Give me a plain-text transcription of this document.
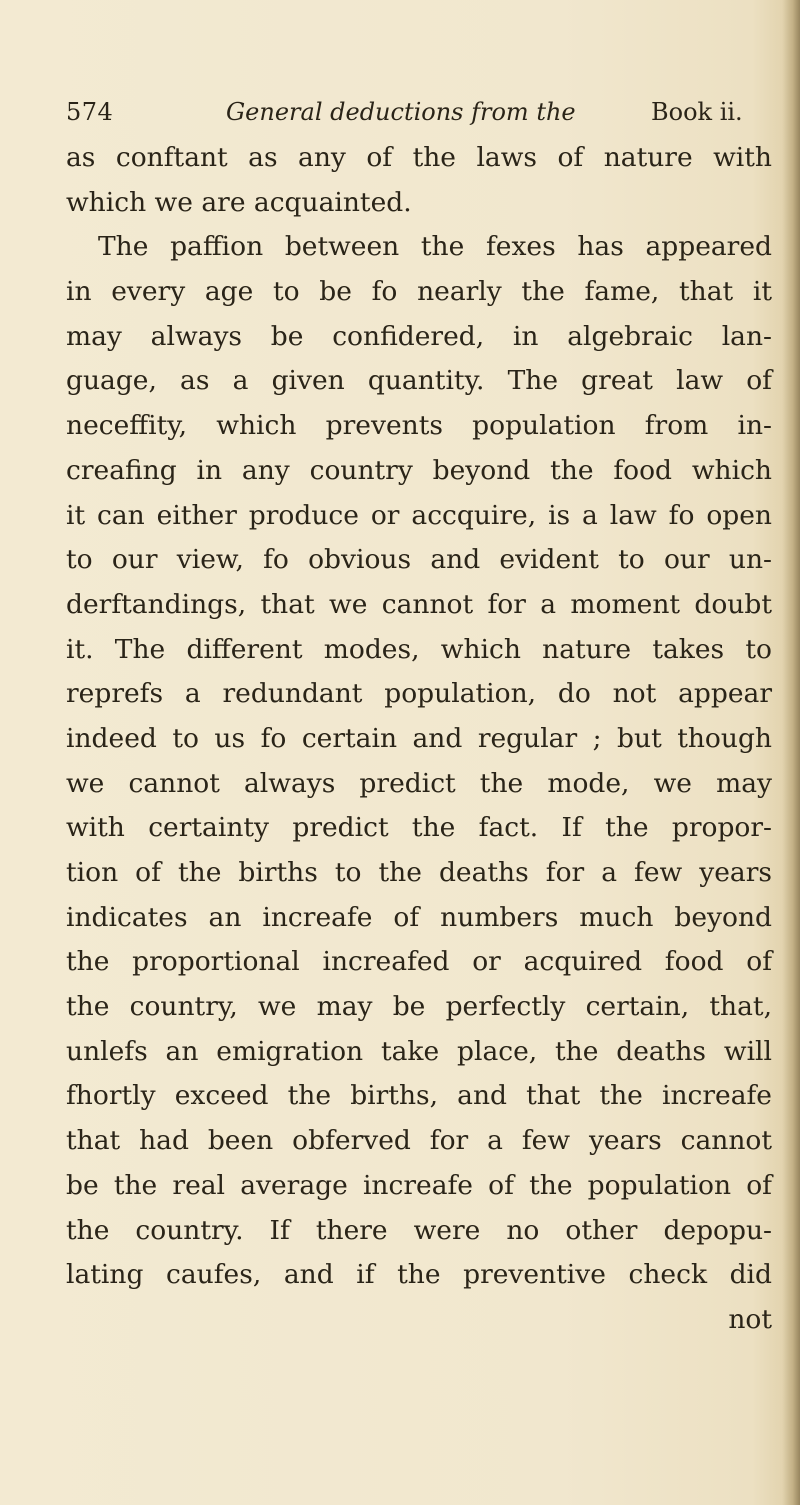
574	General deductions from the	Book ii.
as conftant as any of the laws of nature with
which we are acquainted.
The paffion between the fexes has appeared
in every age to be fo nearly the fame, that it
may always be confidered, in algebraic lan-
guage, as a given quantity. The great law of
neceffity, which prevents population from in-
creafing in any country beyond the food which
it can either produce or accquire, is a law fo open
to our view, fo obvious and evident to our un-
derftandings, that we cannot for a moment doubt
it. The different modes, which nature takes to
reprefs a redundant population, do not appear
indeed to us fo certain and regular ; but though
we cannot always predict the mode, we may
with certainty predict the fact. If the propor-
tion of the births to the deaths for a few years
indicates an increafe of numbers much beyond
the proportional increafed or acquired food of
the country, we may be perfectly certain, that,
unlefs an emigration take place, the deaths will
fhortly exceed the births, and that the increafe
that had been obferved for a few years cannot
be the real average increafe of the population of
the country. If there were no other depopu-
lating caufes, and if the preventive check did
not
